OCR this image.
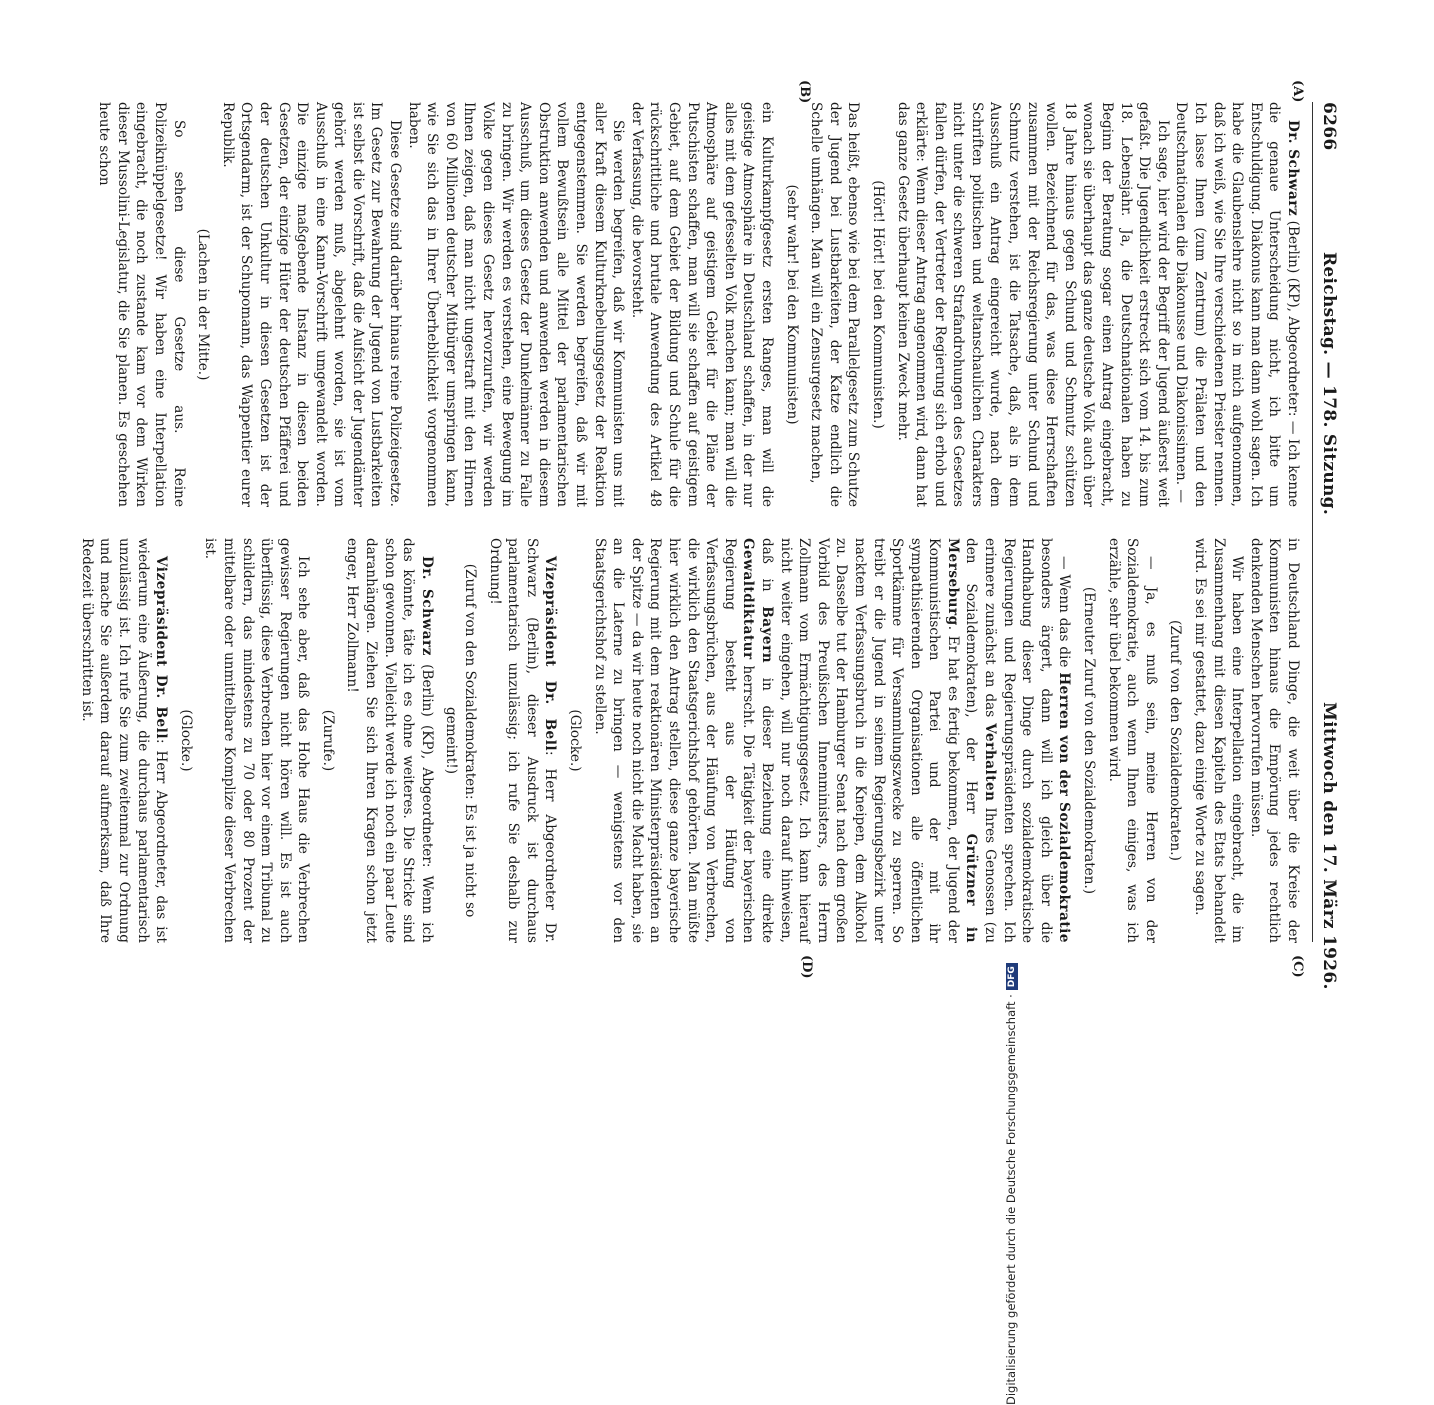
6266
Reichstag. — 178. Sitzung.
Mittwoch den 17. März 1926.
(A)
(B)
(C)
(D)

Dr. Schwarz (Berlin) (KP), Abgeordneter: — Ich kenne die genaue Unterscheidung nicht, ich bitte um Entschuldigung. Diakonus kann man dann wohl sagen. Ich habe die Glaubenslehre nicht so in mich aufgenommen, daß ich weiß, wie Sie Ihre verschiedenen Priester nennen. Ich lasse Ihnen (zum Zentrum) die Prälaten und den Deutschnationalen die Diakonusse und Diakonissinnen. —

Ich sage, hier wird der Begriff der Jugend äußerst weit gefaßt. Die Jugendlichkeit erstreckt sich vom 14. bis zum 18. Lebensjahr. Ja, die Deutschnationalen haben zu Beginn der Beratung sogar einen Antrag eingebracht, wonach sie überhaupt das ganze deutsche Volk auch über 18 Jahre hinaus gegen Schund und Schmutz schützen wollen. Bezeichnend für das, was diese Herrschaften zusammen mit der Reichsregierung unter Schund und Schmutz verstehen, ist die Tatsache, daß, als in dem Ausschuß ein Antrag eingereicht wurde, nach dem Schriften politischen und weltanschaulichen Charakters nicht unter die schweren Strafandrohungen des Gesetzes fallen dürfen, der Vertreter der Regierung sich erhob und erklärte: Wenn dieser Antrag angenommen wird, dann hat das ganze Gesetz überhaupt keinen Zweck mehr.

(Hört! Hört! bei den Kommunisten.)

Das heißt, ebenso wie bei dem Parallelgesetz zum Schutze der Jugend bei Lustbarkeiten, der Katze endlich die Schelle umhängen. Man will ein Zensurgesetz machen,

(sehr wahr! bei den Kommunisten)

ein Kulturkampfgesetz ersten Ranges, man will die geistige Atmosphäre in Deutschland schaffen, in der nur alles mit dem gefesselten Volk machen kann; man will die Atmosphäre auf geistigem Gebiet für die Pläne der Putschisten schaffen, man will sie schaffen auf geistigem Gebiet, auf dem Gebiet der Bildung und Schule für die rückschrittliche und brutale Anwendung des Artikel 48 der Verfassung, die bevorsteht.

Sie werden begreifen, daß wir Kommunisten uns mit aller Kraft diesem Kulturknebelungsgesetz der Reaktion entgegenstemmen. Sie werden begreifen, daß wir mit vollem Bewußtsein alle Mittel der parlamentarischen Obstruktion anwenden und anwenden werden in diesem Ausschuß, um dieses Gesetz der Dunkelmänner zu Falle zu bringen. Wir werden es verstehen, eine Bewegung im Volke gegen dieses Gesetz hervorzurufen, wir werden Ihnen zeigen, daß man nicht ungestraft mit den Hirnen von 60 Millionen deutscher Mitbürger umspringen kann, wie Sie sich das in Ihrer Überheblichkeit vorgenommen haben.

Diese Gesetze sind darüber hinaus reine Polizeigesetze. Im Gesetz zur Bewahrung der Jugend von Lustbarkeiten ist selbst die Vorschrift, daß die Aufsicht der Jugendämter gehört werden muß, abgelehnt worden, sie ist vom Ausschuß in eine Kann-Vorschrift umgewandelt worden. Die einzige maßgebende Instanz in diesen beiden Gesetzen, der einzige Hüter der deutschen Pfäfferei und der deutschen Unkultur in diesen Gesetzen ist der Ortsgendarm, ist der Schupomann, das Wappentier eurer Republik.

(Lachen in der Mitte.)

So sehen diese Gesetze aus. Reine Polizeiknüppelgesetze! Wir haben eine Interpellation eingebracht, die noch zustande kam vor dem Wirken dieser Mussolini-Legislatur, die Sie planen. Es geschehen heute schon

in Deutschland Dinge, die weit über die Kreise der Kommunisten hinaus die Empörung jedes rechtlich denkenden Menschen hervorrufen müssen.

Wir haben eine Interpellation eingebracht, die im Zusammenhang mit diesen Kapiteln des Etats behandelt wird. Es sei mir gestattet, dazu einige Worte zu sagen.

(Zuruf von den Sozialdemokraten.)

— Ja, es muß sein, meine Herren von der Sozialdemokratie, auch wenn Ihnen einiges, was ich erzähle, sehr übel bekommen wird.

(Erneuter Zuruf von den Sozialdemokraten.)

— Wenn das die Herren von der Sozialdemokratie besonders ärgert, dann will ich gleich über die Handhabung dieser Dinge durch sozialdemokratische Regierungen und Regierungspräsidenten sprechen. Ich erinnere zunächst an das Verhalten Ihres Genossen (zu den Sozialdemokraten), der Herr Grützner in Merseburg. Er hat es fertig bekommen, der Jugend der Kommunistischen Partei und der mit ihr sympathisierenden Organisationen alle öffentlichen Sportkämme für Versammlungszwecke zu sperren. So treibt er die Jugend in seinem Regierungsbezirk unter nacktem Verfassungsbruch in die Kneipen, dem Alkohol zu. Dasselbe tut der Hamburger Senat nach dem großen Vorbild des Preußischen Innenministers, des Herrn Zollmann vom Ermächtigungsgesetz. Ich kann hierauf nicht weiter eingehen, will nur noch darauf hinweisen, daß in Bayern in dieser Beziehung eine direkte Gewaltdiktatur herrscht. Die Tätigkeit der bayerischen Regierung besteht aus der Häufung von Verfassungsbrüchen, aus der Häufung von Verbrechen, die wirklich den Staatsgerichtshof gehörten. Man müßte hier wirklich den Antrag stellen, diese ganze bayerische Regierung mit dem reaktionären Ministerpräsidenten an der Spitze — da wir heute noch nicht die Macht haben, sie an die Laterne zu bringen — wenigstens vor den Staatsgerichtshof zu stellen.

(Glocke.)

Vizepräsident Dr. Bell: Herr Abgeordneter Dr. Schwarz (Berlin), dieser Ausdruck ist durchaus parlamentarisch unzulässig; ich rufe Sie deshalb zur Ordnung!

(Zuruf von den Sozialdemokraten: Es ist ja nicht so gemeint!)

Dr. Schwarz (Berlin) (KP), Abgeordneter: Wenn ich das könnte, täte ich es ohne weiteres. Die Stricke sind schon gewonnen. Vielleicht werde ich noch ein paar Leute daranhängen. Ziehen Sie sich Ihren Kragen schon jetzt enger, Herr Zollmann!

(Zurufe.)

Ich sehe aber, daß das Hohe Haus die Verbrechen gewisser Regierungen nicht hören will. Es ist auch überflüssig, diese Verbrechen hier vor einem Tribunal zu schildern, das mindestens zu 70 oder 80 Prozent der mittelbare oder unmittelbare Komplize dieser Verbrechen ist.

(Glocke.)

Vizepräsident Dr. Bell: Herr Abgeordneter, das ist wiederum eine Äußerung, die durchaus parlamentarisch unzulässig ist. Ich rufe Sie zum zweitenmal zur Ordnung und mache Sie außerdem darauf aufmerksam, daß Ihre Redezeit überschritten ist.

Digitalisierung gefördert durch die Deutsche Forschungsgemeinschaft ·DFG
